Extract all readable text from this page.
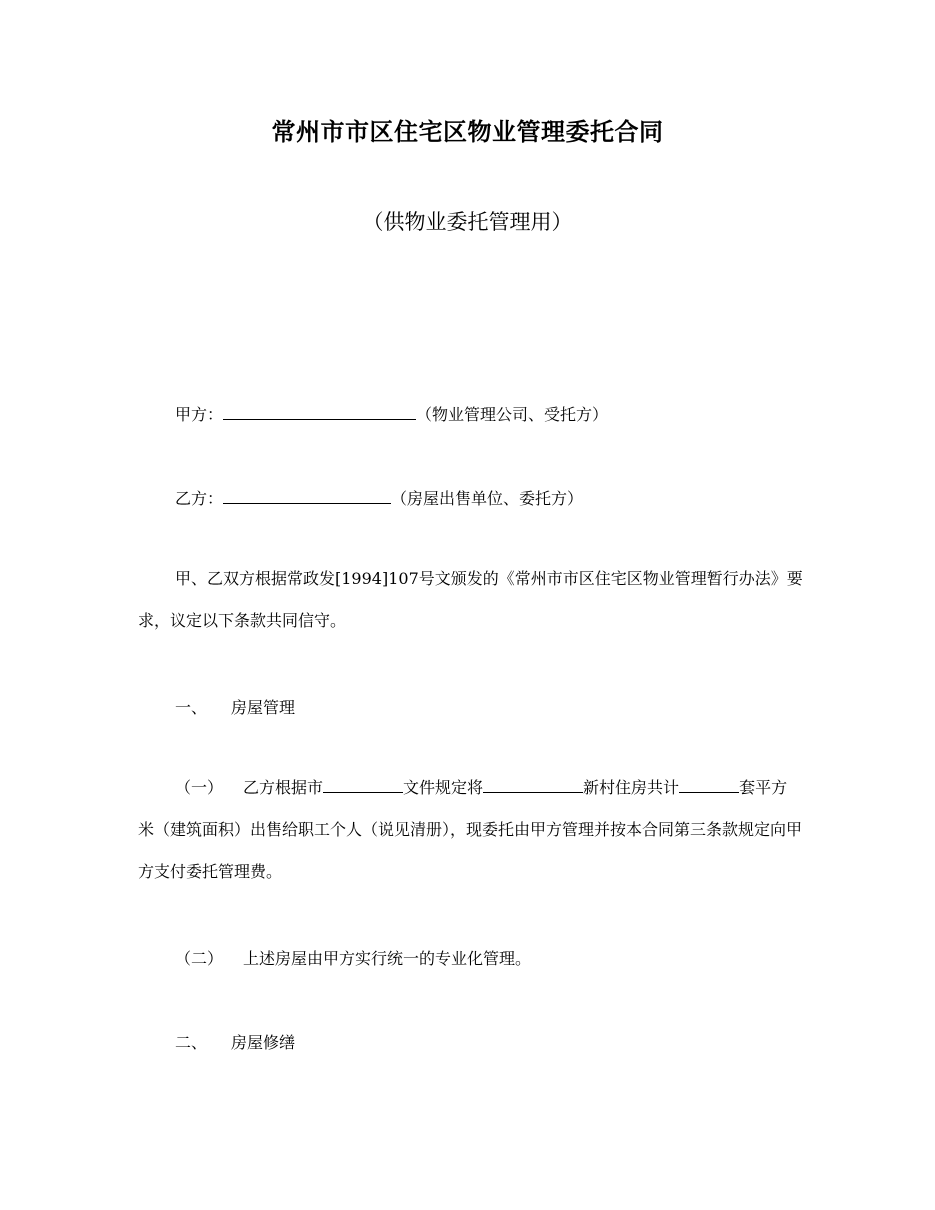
常州市市区住宅区物业管理委托合同
（供物业委托管理用）
甲方：	（物业管理公司、受托方）
乙方：	（房屋出售单位、委托方）
甲、乙双方根据常政发[1994]107号文颁发的《常州市市区住宅区物业管理暂行办法》要求，议定以下条款共同信守。
一、 房屋管理
（一） 乙方根据市	文件规定将	新村住房共计	套平方米（建筑面积）出售给职工个人（说见清册），现委托由甲方管理并按本合同第三条款规定向甲方支付委托管理费。
（二） 上述房屋由甲方实行统一的专业化管理。
二、 房屋修缮
